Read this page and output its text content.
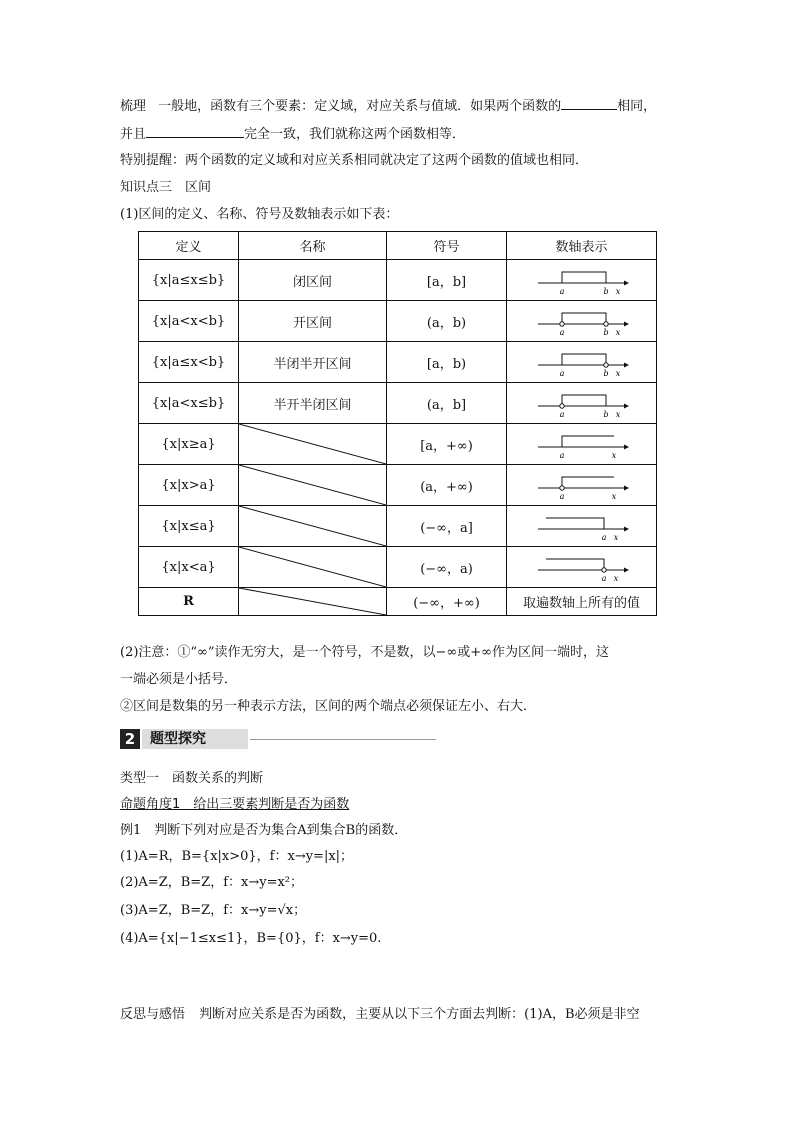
梳理 一般地，函数有三个要素：定义域，对应关系与值域．如果两个函数的	相同，
并且	完全一致，我们就称这两个函数相等．
特别提醒：两个函数的定义域和对应关系相同就决定了这两个函数的值域也相同．
知识点三　区间
(1)区间的定义、名称、符号及数轴表示如下表：
定义	名称	符号	数轴表示
{x|a≤x≤b}	闭区间	[a，b]	a b x

{x|a<x<b}	开区间	(a，b)	a b x

{x|a≤x<b}	半闭半开区间	[a，b)	a b x

{x|a<x≤b}	半开半闭区间	(a，b]	a b x

{x|x≥a}		[a，+∞)	a x

{x|x>a}		(a，+∞)	a x

{x|x≤a}		(−∞，a]	a x

{x|x<a}		(−∞，a)	a x

R		(−∞，+∞)	取遍数轴上所有的值
(2)注意：①“∞”读作无穷大，是一个符号，不是数，以−∞或+∞作为区间一端时，这
一端必须是小括号．
②区间是数集的另一种表示方法，区间的两个端点必须保证左小、右大．
2	题型探究
类型一　函数关系的判断
命题角度1　给出三要素判断是否为函数
例1　判断下列对应是否为集合A到集合B的函数．
(1)A=R，B={x|x>0}，f：x→y=|x|；
(2)A=Z，B=Z，f：x→y=x²；
(3)A=Z，B=Z，f：x→y=√x；
(4)A={x|−1≤x≤1}，B={0}，f：x→y=0.
反思与感悟 判断对应关系是否为函数，主要从以下三个方面去判断：(1)A，B必须是非空
